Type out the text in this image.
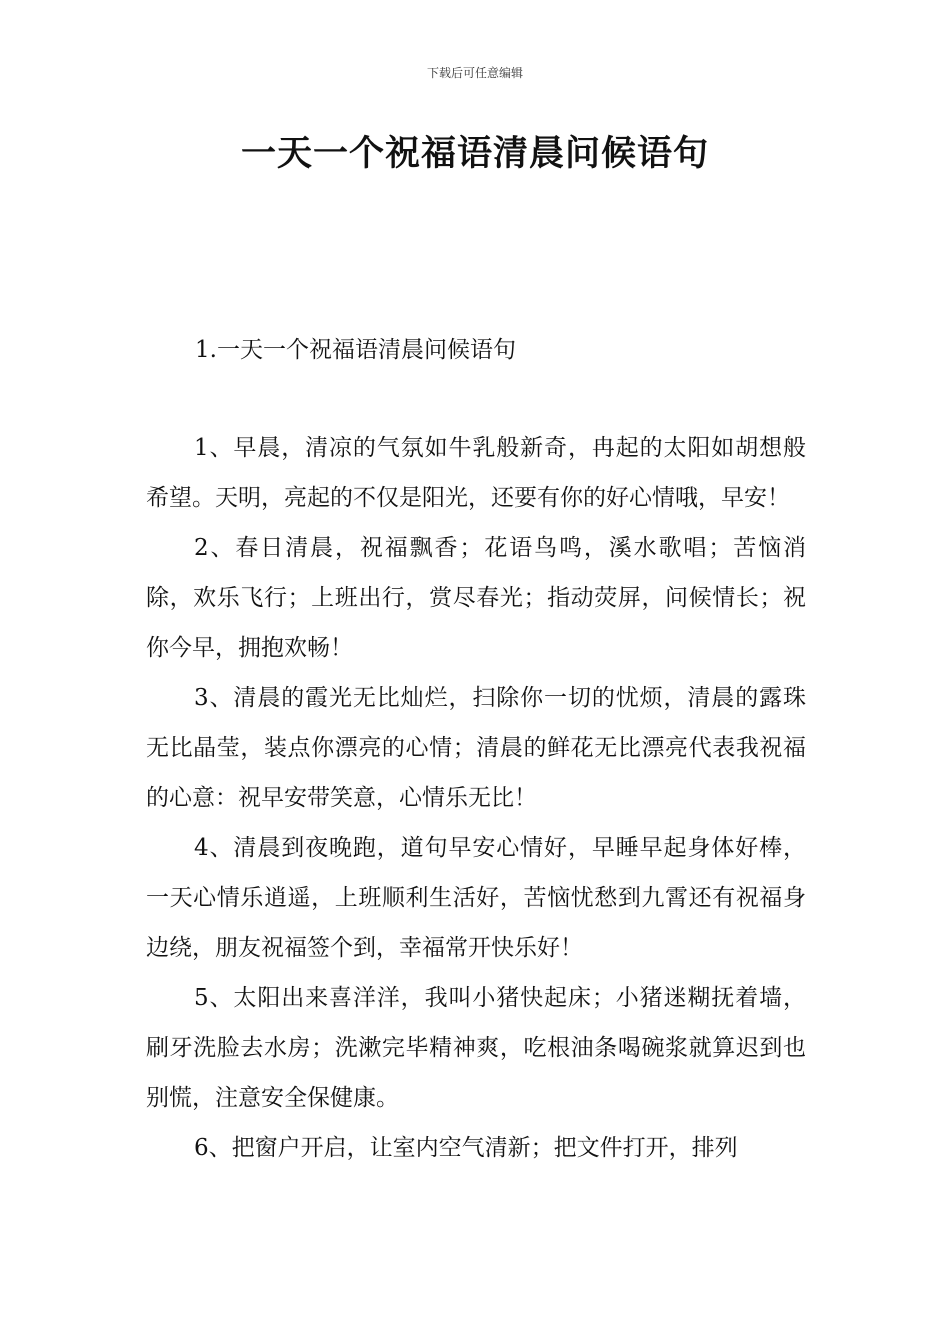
下载后可任意编辑
一天一个祝福语清晨问候语句

1.一天一个祝福语清晨问候语句

1、早晨，清凉的气氛如牛乳般新奇，冉起的太阳如胡想般希望。天明，亮起的不仅是阳光，还要有你的好心情哦，早安！

2、春日清晨，祝福飘香；花语鸟鸣，溪水歌唱；苦恼消除，欢乐飞行；上班出行，赏尽春光；指动荧屏，问候情长；祝你今早，拥抱欢畅！

3、清晨的霞光无比灿烂，扫除你一切的忧烦，清晨的露珠无比晶莹，装点你漂亮的心情；清晨的鲜花无比漂亮代表我祝福的心意：祝早安带笑意，心情乐无比！

4、清晨到夜晚跑，道句早安心情好，早睡早起身体好棒，一天心情乐逍遥，上班顺利生活好，苦恼忧愁到九霄还有祝福身边绕，朋友祝福签个到，幸福常开快乐好！

5、太阳出来喜洋洋，我叫小猪快起床；小猪迷糊抚着墙，刷牙洗脸去水房；洗漱完毕精神爽，吃根油条喝碗浆就算迟到也别慌，注意安全保健康。

6、把窗户开启，让室内空气清新；把文件打开，排列
